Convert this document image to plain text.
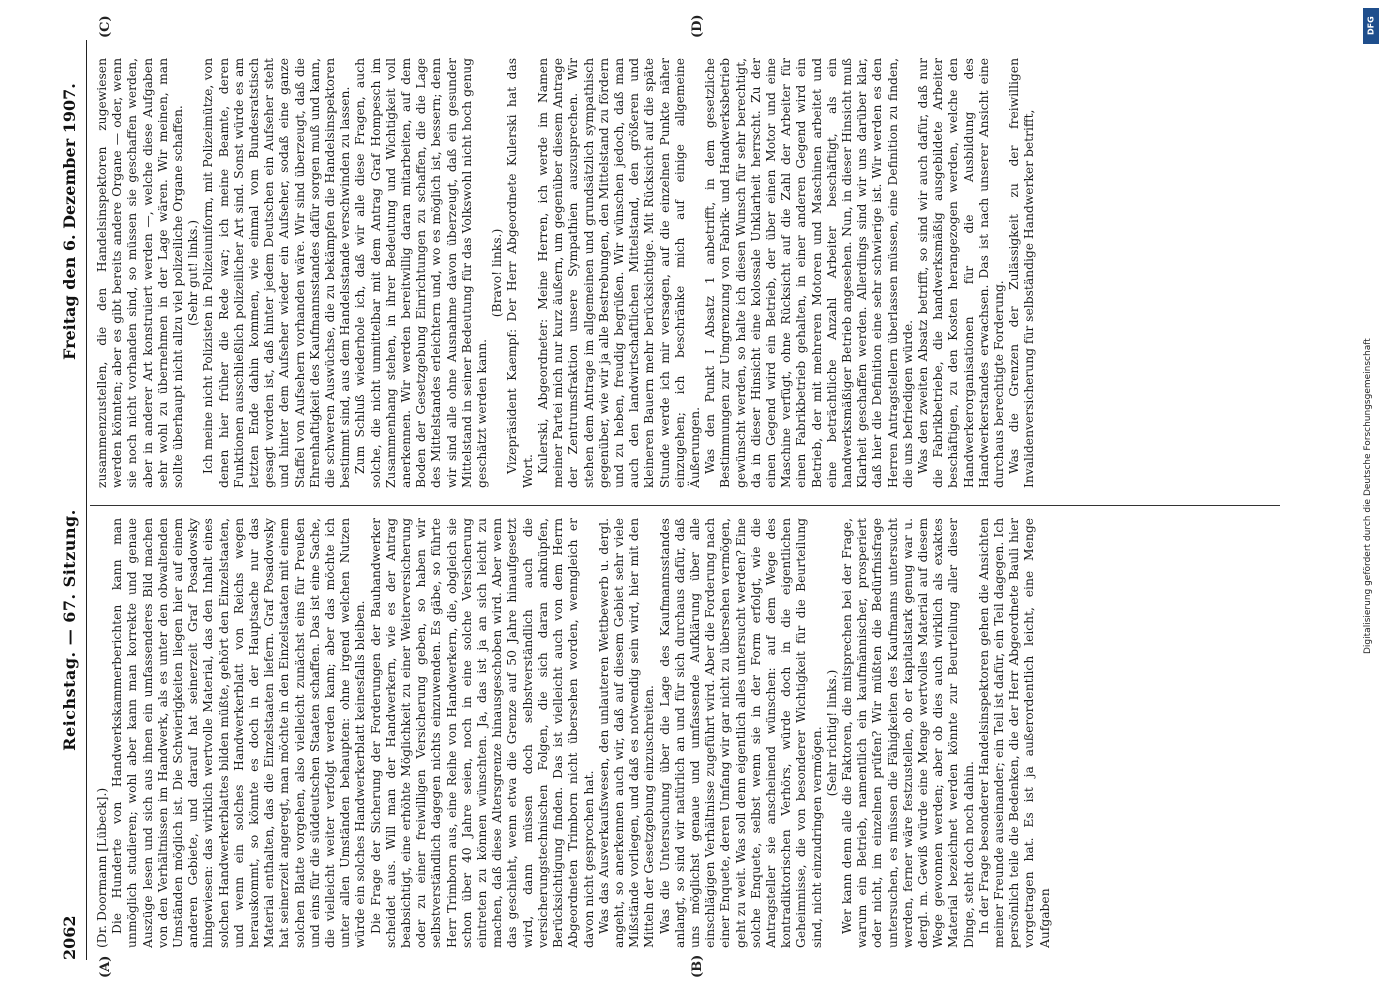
2062
Reichstag. — 67. Sitzung.
Freitag den 6. Dezember 1907.
(A)	(B)
(C)	(D)

(Dr. Doormann [Lübeck].) Die Hunderte von Handwerkskammerberichten kann man unmöglich studieren; wohl aber kann man korrekte und genaue Auszüge lesen und sich aus ihnen ein umfassenderes Bild machen von den Verhältnissen im Handwerk, als es unter den obwaltenden Umständen möglich ist. Die Schwierigkeiten liegen hier auf einem anderen Gebiete, und darauf hat seinerzeit Graf Posadowsky hingewiesen: das wirklich wertvolle Material, das den Inhalt eines solchen Handwerkerblattes bilden müßte, gehört den Einzelstaaten, und wenn ein solches Handwerkerblatt von Reichs wegen herauskommt, so könnte es doch in der Hauptsache nur das Material enthalten, das die Einzelstaaten liefern. Graf Posadowsky hat seinerzeit angeregt, man möchte in den Einzelstaaten mit einem solchen Blatte vorgehen, also vielleicht zunächst eins für Preußen und eins für die süddeutschen Staaten schaffen. Das ist eine Sache, die vielleicht weiter verfolgt werden kann; aber das möchte ich unter allen Umständen behaupten: ohne irgend welchen Nutzen würde ein solches Handwerkerblatt keinesfalls bleiben. Die Frage der Sicherung der Forderungen der Bauhandwerker scheidet aus. Will man der Handwerkern, wie es der Antrag beabsichtigt, eine erhöhte Möglichkeit zu einer Weiterversicherung oder zu einer freiwilligen Versicherung geben, so haben wir selbstverständlich dagegen nichts einzuwenden. Es gäbe, so führte Herr Trimborn aus, eine Reihe von Handwerkern, die, obgleich sie schon über 40 Jahre seien, noch in eine solche Versicherung eintreten zu können wünschten. Ja, das ist ja an sich leicht zu machen, daß diese Altersgrenze hinausgeschoben wird. Aber wenn das geschieht, wenn etwa die Grenze auf 50 Jahre hinaufgesetzt wird, dann müssen doch selbstverständlich auch die versicherungstechnischen Folgen, die sich daran anknüpfen, Berücksichtigung finden. Das ist vielleicht auch von dem Herrn Abgeordneten Trimborn nicht übersehen worden, wenngleich er davon nicht gesprochen hat. Was das Ausverkaufswesen, den unlauteren Wettbewerb u. dergl. angeht, so anerkennen auch wir, daß auf diesem Gebiet sehr viele Mißstände vorliegen, und daß es notwendig sein wird, hier mit den Mitteln der Gesetzgebung einzuschreiten. Was die Untersuchung über die Lage des Kaufmannsstandes anlangt, so sind wir natürlich an und für sich durchaus dafür, daß uns möglichst genaue und umfassende Aufklärung über alle einschlägigen Verhältnisse zugeführt wird. Aber die Forderung nach einer Enquete, deren Umfang wir gar nicht zu übersehen vermögen, geht zu weit. Was soll denn eigentlich alles untersucht werden? Eine solche Enquete, selbst wenn sie in der Form erfolgt, wie die Antragsteller sie anscheinend wünschen: auf dem Wege des kontradiktorischen Verhörs, würde doch in die eigentlichen Geheimnisse, die von besonderer Wichtigkeit für die Beurteilung sind, nicht einzudringen vermögen. (Sehr richtig! links.) Wer kann denn alle die Faktoren, die mitsprechen bei der Frage, warum ein Betrieb, namentlich ein kaufmännischer, prosperiert oder nicht, im einzelnen prüfen? Wir müßten die Bedürfnisfrage untersuchen, es müssen die Fähigkeiten des Kaufmanns untersucht werden, ferner wäre festzustellen, ob er kapitalstark genug war u. dergl. m. Gewiß würde eine Menge wertvolles Material auf diesem Wege gewonnen werden; aber ob dies auch wirklich als exaktes Material bezeichnet werden könnte zur Beurteilung aller dieser Dinge, steht doch noch dahin. In der Frage besonderer Handelsinspektoren gehen die Ansichten meiner Freunde auseinander; ein Teil ist dafür, ein Teil dagegen. Ich persönlich teile die Bedenken, die der Herr Abgeordnete Bauli hier vorgetragen hat. Es ist ja außerordentlich leicht, eine Menge Aufgaben

zusammenzustellen, die den Handelsinspektoren zugewiesen werden könnten; aber es gibt bereits andere Organe — oder, wenn sie noch nicht vorhanden sind, so müssen sie geschaffen werden, aber in anderer Art konstruiert werden —, welche diese Aufgaben sehr wohl zu übernehmen in der Lage wären. Wir meinen, man sollte überhaupt nicht allzu viel polizeiliche Organe schaffen. (Sehr gut! links.) Ich meine nicht Polizisten in Polizeiuniform, mit Polizeimütze, von denen hier früher die Rede war; ich meine Beamte, deren Funktionen ausschließlich polizeilicher Art sind. Sonst würde es am letzten Ende dahin kommen, wie einmal vom Bundesratstisch gesagt worden ist, daß hinter jedem Deutschen ein Aufseher steht und hinter dem Aufseher wieder ein Aufseher, sodaß eine ganze Staffel von Aufsehern vorhanden wäre. Wir sind überzeugt, daß die Ehrenhaftigkeit des Kaufmannsstandes dafür sorgen muß und kann, die schweren Auswüchse, die zu bekämpfen die Handelsinspektoren bestimmt sind, aus dem Handelsstande verschwinden zu lassen. Zum Schluß wiederhole ich, daß wir alle diese Fragen, auch solche, die nicht unmittelbar mit dem Antrag Graf Hompesch im Zusammenhang stehen, in ihrer Bedeutung und Wichtigkeit voll anerkennen. Wir werden bereitwillig daran mitarbeiten, auf dem Boden der Gesetzgebung Einrichtungen zu schaffen, die die Lage des Mittelstandes erleichtern und, wo es möglich ist, bessern; denn wir sind alle ohne Ausnahme davon überzeugt, daß ein gesunder Mittelstand in seiner Bedeutung für das Volkswohl nicht hoch genug geschätzt werden kann.

(Bravo! links.) Vizepräsident Kaempf: Der Herr Abgeordnete Kulerski hat das Wort. Kulerski, Abgeordneter: Meine Herren, ich werde im Namen meiner Partei mich nur kurz äußern, um gegenüber diesem Antrage der Zentrumsfraktion unsere Sympathien auszusprechen. Wir stehen dem Antrage im allgemeinen und grundsätzlich sympathisch gegenüber, wie wir ja alle Bestrebungen, den Mittelstand zu fördern und zu heben, freudig begrüßen. Wir wünschen jedoch, daß man auch den landwirtschaftlichen Mittelstand, den größeren und kleineren Bauern mehr berücksichtige. Mit Rücksicht auf die späte Stunde werde ich mir versagen, auf die einzelnen Punkte näher einzugehen; ich beschränke mich auf einige allgemeine Äußerungen. Was den Punkt I Absatz 1 anbetrifft, in dem gesetzliche Bestimmungen zur Umgrenzung von Fabrik- und Handwerksbetrieb gewünscht werden, so halte ich diesen Wunsch für sehr berechtigt, da in dieser Hinsicht eine kolossale Unklarheit herrscht. Zu der einen Gegend wird ein Betrieb, der über einen Motor und eine Maschine verfügt, ohne Rücksicht auf die Zahl der Arbeiter für einen Fabrikbetrieb gehalten, in einer anderen Gegend wird ein Betrieb, der mit mehreren Motoren und Maschinen arbeitet und eine beträchtliche Anzahl Arbeiter beschäftigt, als ein handwerksmäßiger Betrieb angesehen. Nun, in dieser Hinsicht muß Klarheit geschaffen werden. Allerdings sind wir uns darüber klar, daß hier die Definition eine sehr schwierige ist. Wir werden es den Herren Antragstellern überlassen müssen, eine Definition zu finden, die uns befriedigen würde. Was den zweiten Absatz betrifft, so sind wir auch dafür, daß nur die Fabrikbetriebe, die handwerksmäßig ausgebildete Arbeiter beschäftigen, zu den Kosten herangezogen werden, welche den Handwerkerorganisationen für die Ausbildung des Handwerkerstandes erwachsen. Das ist nach unserer Ansicht eine durchaus berechtigte Forderung. Was die Grenzen der Zulässigkeit zu der freiwilligen Invalidenversicherung für selbständige Handwerker betrifft,

DFG
Digitalisierung gefördert durch die Deutsche Forschungsgemeinschaft
